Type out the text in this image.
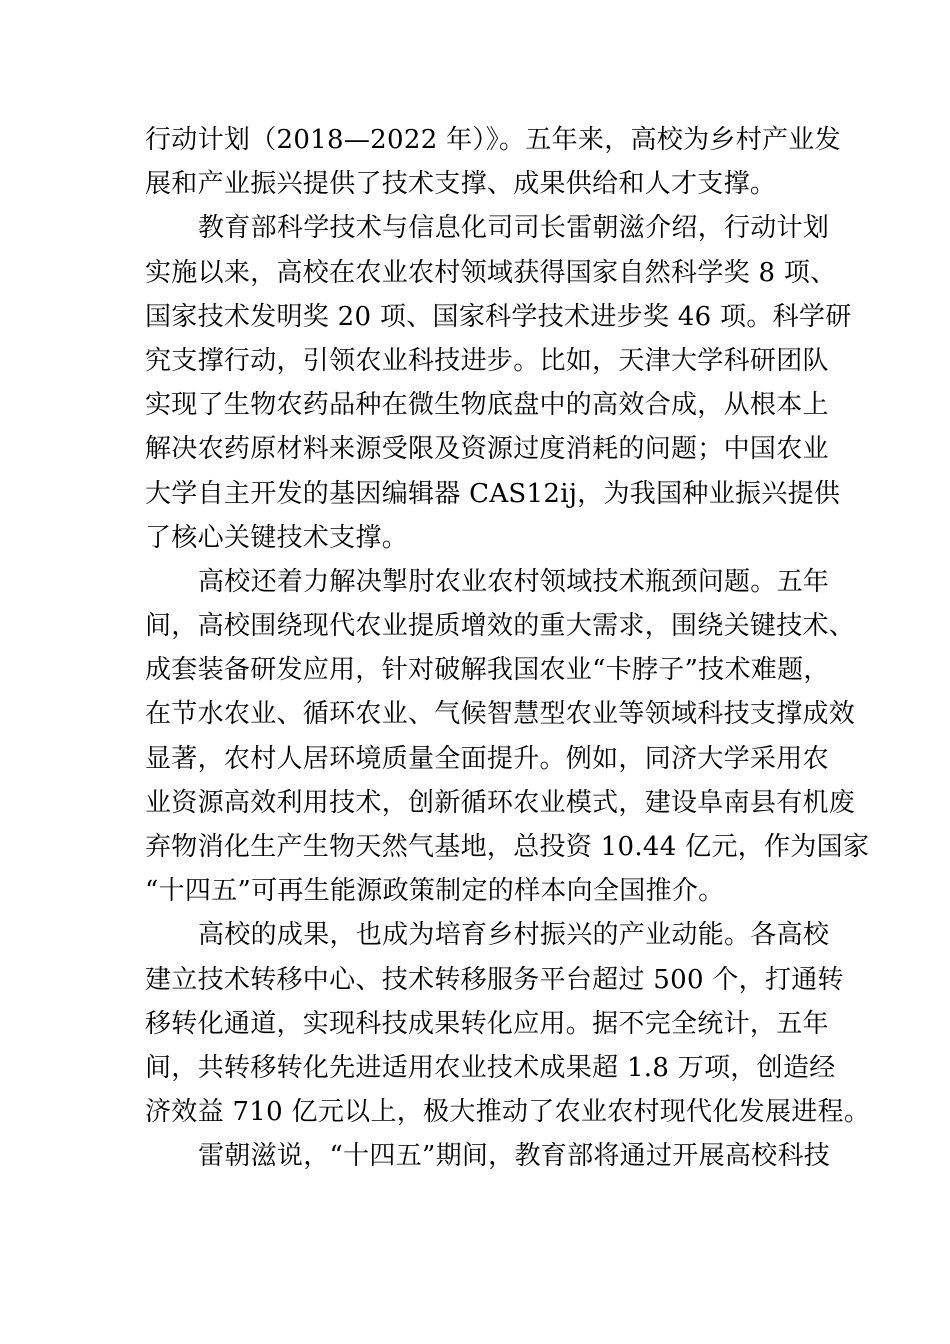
行动计划（2018—2022 年）》。五年来，高校为乡村产业发
展和产业振兴提供了技术支撑、成果供给和人才支撑。
教育部科学技术与信息化司司长雷朝滋介绍，行动计划
实施以来，高校在农业农村领域获得国家自然科学奖 8 项、
国家技术发明奖 20 项、国家科学技术进步奖 46 项。科学研
究支撑行动，引领农业科技进步。比如，天津大学科研团队
实现了生物农药品种在微生物底盘中的高效合成，从根本上
解决农药原材料来源受限及资源过度消耗的问题；中国农业
大学自主开发的基因编辑器 CAS12ij，为我国种业振兴提供
了核心关键技术支撑。
高校还着力解决掣肘农业农村领域技术瓶颈问题。五年
间，高校围绕现代农业提质增效的重大需求，围绕关键技术、
成套装备研发应用，针对破解我国农业“卡脖子”技术难题，
在节水农业、循环农业、气候智慧型农业等领域科技支撑成效
显著，农村人居环境质量全面提升。例如，同济大学采用农
业资源高效利用技术，创新循环农业模式，建设阜南县有机废
弃物消化生产生物天然气基地，总投资 10.44 亿元，作为国家
“十四五”可再生能源政策制定的样本向全国推介。
高校的成果，也成为培育乡村振兴的产业动能。各高校
建立技术转移中心、技术转移服务平台超过 500 个，打通转
移转化通道，实现科技成果转化应用。据不完全统计，五年
间，共转移转化先进适用农业技术成果超 1.8 万项，创造经
济效益 710 亿元以上，极大推动了农业农村现代化发展进程。
雷朝滋说，“十四五”期间，教育部将通过开展高校科技
